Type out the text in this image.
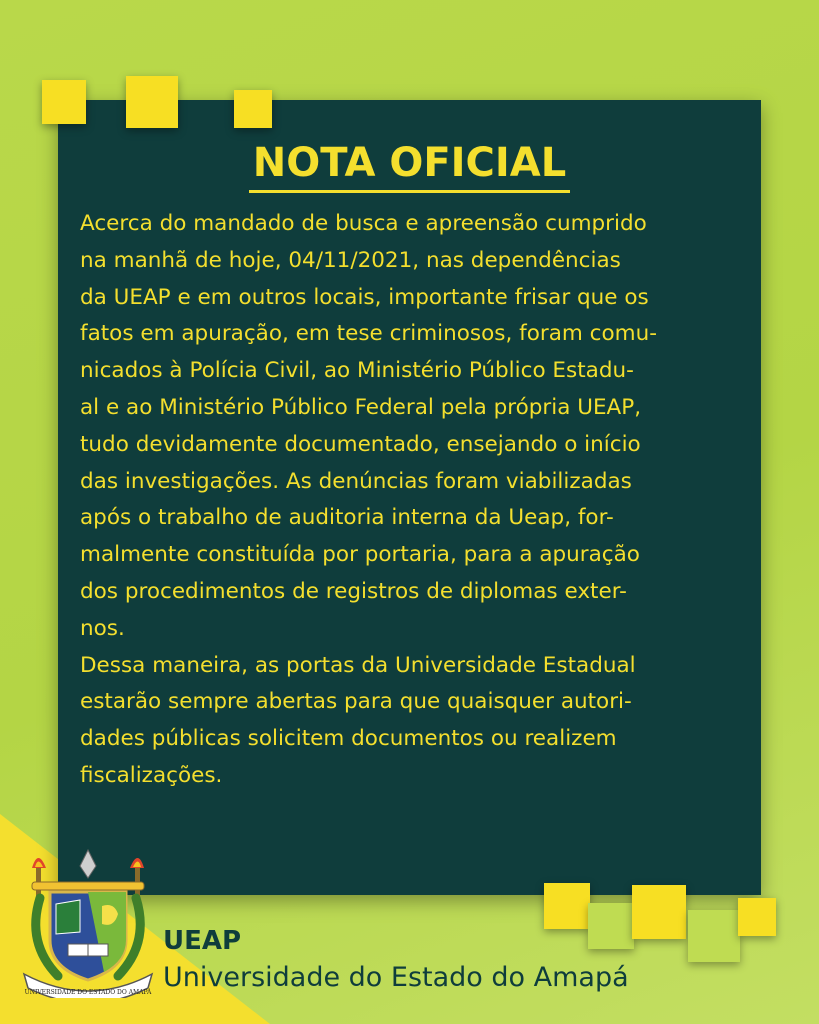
NOTA OFICIAL

Acerca do mandado de busca e apreensão cumprido
na manhã de hoje, 04/11/2021, nas dependências
da UEAP e em outros locais, importante frisar que os
fatos em apuração, em tese criminosos, foram comu-
nicados à Polícia Civil, ao Ministério Público Estadu-
al e ao Ministério Público Federal pela própria UEAP,
tudo devidamente documentado, ensejando o início
das investigações. As denúncias foram viabilizadas
após o trabalho de auditoria interna da Ueap, for-
malmente constituída por portaria, para a apuração
dos procedimentos de registros de diplomas exter-
nos.

Dessa maneira, as portas da Universidade Estadual
estarão sempre abertas para que quaisquer autori-
dades públicas solicitem documentos ou realizem
fiscalizações.

UNIVERSIDADE DO ESTADO DO AMAPÁ
UEAP
Universidade do Estado do Amapá
